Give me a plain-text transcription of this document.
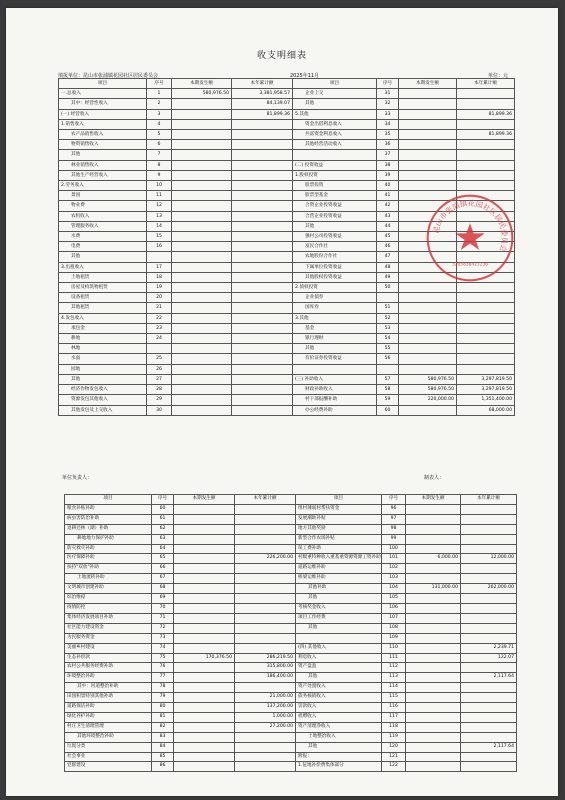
收支明细表
填报单位：昆山市张浦镇花园社区居民委员会	2025年11月	单位：元
项目	序号	本期发生额	本年累计额	项目	序号	本期发生额	本年累计额
一.总收入	1	580,976.50	3,381,958.57	企业上交	31		
其中：经营性收入	2		84,139.07	其他	32		
(一) 经营收入	3		81,899.36	5.其他	33		81,899.36
1.销售收入	4			资金出借利息收入	34		
农产品销售收入	5			共富资金利息收入	35		81,899.36
物资销售收入	6			其他经营活动收入	36		
其他	7				37		
林业销售收入	8			(二) 投资收益	38		
其他生产经营收入	9			1.股权投资	39		
2.劳务收入	10			股票投资	40		
景园	11			股票型基金	41		
物业费	12			合资企业投资收益	42		
农机收入	13			合营企业投资收益	43		
管理服务收入	14			其他	44		
水费	15			强村公司投资收益	45		
电费	16			富民合作社	46		
其他				农地股份合作社	47		
3.出租收入	17			下属单位投资收益	48		
土地租赁	18			其他股权投资收益	49		
房屋及构筑物租赁	19			2.债权投资	50		
设备租赁	20			企业债券			
其他租赁	21			国库券	51		
4.发包收入	22			3.其他	52		
承包金	23			基金	53		
耕地	24			银行理财	54		
林地				其他	55		
水面	25			有价证券投资收益	56		
园地	26						
其他	27			(三) 补助收入	57	580,976.50	3,297,819.50
经济作物发包收入	28			财政补助收入	58	580,976.50	3,297,819.50
资源发包其他收入	29			村干部报酬补助	59	220,000.00	1,351,400.00
其他发包及上交收入	30			办公经费补助	60		68,000.00
单位负责人：	制表人：
项目	序号	本期发生额	本年累计额	项目	序号	本期发生额	本年累计额
粮食补贴补助	60			组村薄弱村帮扶资金	96		
病虫害防治补助	61			发展潮助补贴	97		
退耕还林（湖）补助	62			地方其他奖励	98		
耕地地力保护补助	63			新型合作农场补贴	99		
防灾救灾补助	64			误工费补助	100		
医疗保障补助	65		226,200.00	村级重特种收入重基重资源资源工资补助	101	6,000.00	12,000.00
扶持"双放"补助	66			道路运维补助	102		
土地流转补助	67			桥梁运维补助	103		
文明城市创建补助	68			其他补助	104	131,000.00	262,000.00
综治维稳	69			其他	105		
疫情防控	70			考核奖金收入	106		
集体经济发展项目补助	71			项目工作经费	107		
社区能力建设资金	72			其他	108		
为民服务资金	73				109		
美丽乡村建设	74			(四) 其他收入	110		2,239.71
生态补偿款	75	170,376.50	286,219.50	利息收入	111		122.07
农村公共服务经费补助	76		315,800.00	资产盘盈	112		
环境整治补助	77		186,400.00	其他	113		2,117.64
其中：河道整治补助	78			资产处置收入	114		
田园积景特别其他补助	79		21,000.00	债务核销收入	115		
道路保洁补助	80		137,200.00	罚款收入	116		
绿化养护补助	81		1,000.00	捐赠收入	117		
村庄卫生清理管理	82		27,200.00	资产清理净收入	118		
其他环境整治补助	83			土地整治收入	119		
垃圾分类	84			其他	120		2,117.64
社会事业	85			附报：	121		
党群建设	86			1.征地补偿费集体部分	122		
昆山市张浦镇花园社区居民委员会
3205830423236
